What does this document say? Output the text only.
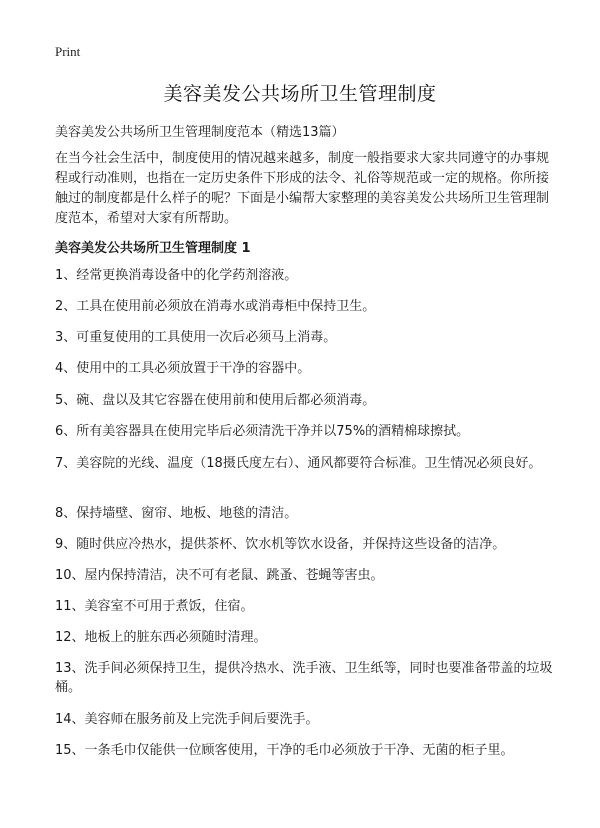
Print
美容美发公共场所卫生管理制度
美容美发公共场所卫生管理制度范本（精选13篇）
在当今社会生活中，制度使用的情况越来越多，制度一般指要求大家共同遵守的办事规程或行动准则，也指在一定历史条件下形成的法令、礼俗等规范或一定的规格。你所接触过的制度都是什么样子的呢？下面是小编帮大家整理的美容美发公共场所卫生管理制度范本，希望对大家有所帮助。
美容美发公共场所卫生管理制度 1
1、经常更换消毒设备中的化学药剂溶液。
2、工具在使用前必须放在消毒水或消毒柜中保持卫生。
3、可重复使用的工具使用一次后必须马上消毒。
4、使用中的工具必须放置于干净的容器中。
5、碗、盘以及其它容器在使用前和使用后都必须消毒。
6、所有美容器具在使用完毕后必须清洗干净并以75%的酒精棉球擦拭。
7、美容院的光线、温度（18摄氏度左右）、通风都要符合标准。卫生情况必须良好。
8、保持墙壁、窗帘、地板、地毯的清洁。
9、随时供应冷热水，提供茶杯、饮水机等饮水设备，并保持这些设备的洁净。
10、屋内保持清洁，决不可有老鼠、跳蚤、苍蝇等害虫。
11、美容室不可用于煮饭，住宿。
12、地板上的脏东西必须随时清理。
13、洗手间必须保持卫生，提供冷热水、洗手液、卫生纸等，同时也要准备带盖的垃圾桶。
14、美容师在服务前及上完洗手间后要洗手。
15、一条毛巾仅能供一位顾客使用，干净的毛巾必须放于干净、无菌的柜子里。
